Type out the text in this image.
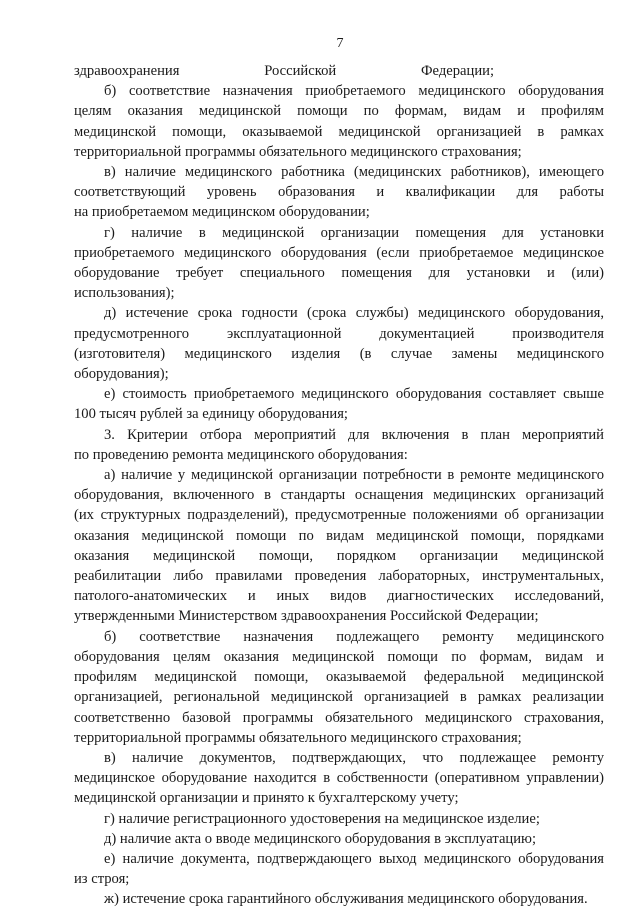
7
здравоохранения Российской Федерации;
б) соответствие назначения приобретаемого медицинского оборудования
целям оказания медицинской помощи по формам, видам и профилям
медицинской помощи, оказываемой медицинской организацией в рамках
территориальной программы обязательного медицинского страхования;
в) наличие медицинского работника (медицинских работников), имеющего
соответствующий уровень образования и квалификации для работы
на приобретаемом медицинском оборудовании;
г) наличие в медицинской организации помещения для установки
приобретаемого медицинского оборудования (если приобретаемое медицинское
оборудование требует специального помещения для установки и (или)
использования);
д) истечение срока годности (срока службы) медицинского оборудования,
предусмотренного эксплуатационной документацией производителя
(изготовителя) медицинского изделия (в случае замены медицинского
оборудования);
е) стоимость приобретаемого медицинского оборудования составляет свыше
100 тысяч рублей за единицу оборудования;
3. Критерии отбора мероприятий для включения в план мероприятий
по проведению ремонта медицинского оборудования:
а) наличие у медицинской организации потребности в ремонте медицинского
оборудования, включенного в стандарты оснащения медицинских организаций
(их структурных подразделений), предусмотренные положениями об организации
оказания медицинской помощи по видам медицинской помощи, порядками
оказания медицинской помощи, порядком организации медицинской
реабилитации либо правилами проведения лабораторных, инструментальных,
патолого-анатомических и иных видов диагностических исследований,
утвержденными Министерством здравоохранения Российской Федерации;
б) соответствие назначения подлежащего ремонту медицинского
оборудования целям оказания медицинской помощи по формам, видам и
профилям медицинской помощи, оказываемой федеральной медицинской
организацией, региональной медицинской организацией в рамках реализации
соответственно базовой программы обязательного медицинского страхования,
территориальной программы обязательного медицинского страхования;
в) наличие документов, подтверждающих, что подлежащее ремонту
медицинское оборудование находится в собственности (оперативном управлении)
медицинской организации и принято к бухгалтерскому учету;
г) наличие регистрационного удостоверения на медицинское изделие;
д) наличие акта о вводе медицинского оборудования в эксплуатацию;
е) наличие документа, подтверждающего выход медицинского оборудования
из строя;
ж) истечение срока гарантийного обслуживания медицинского оборудования.
